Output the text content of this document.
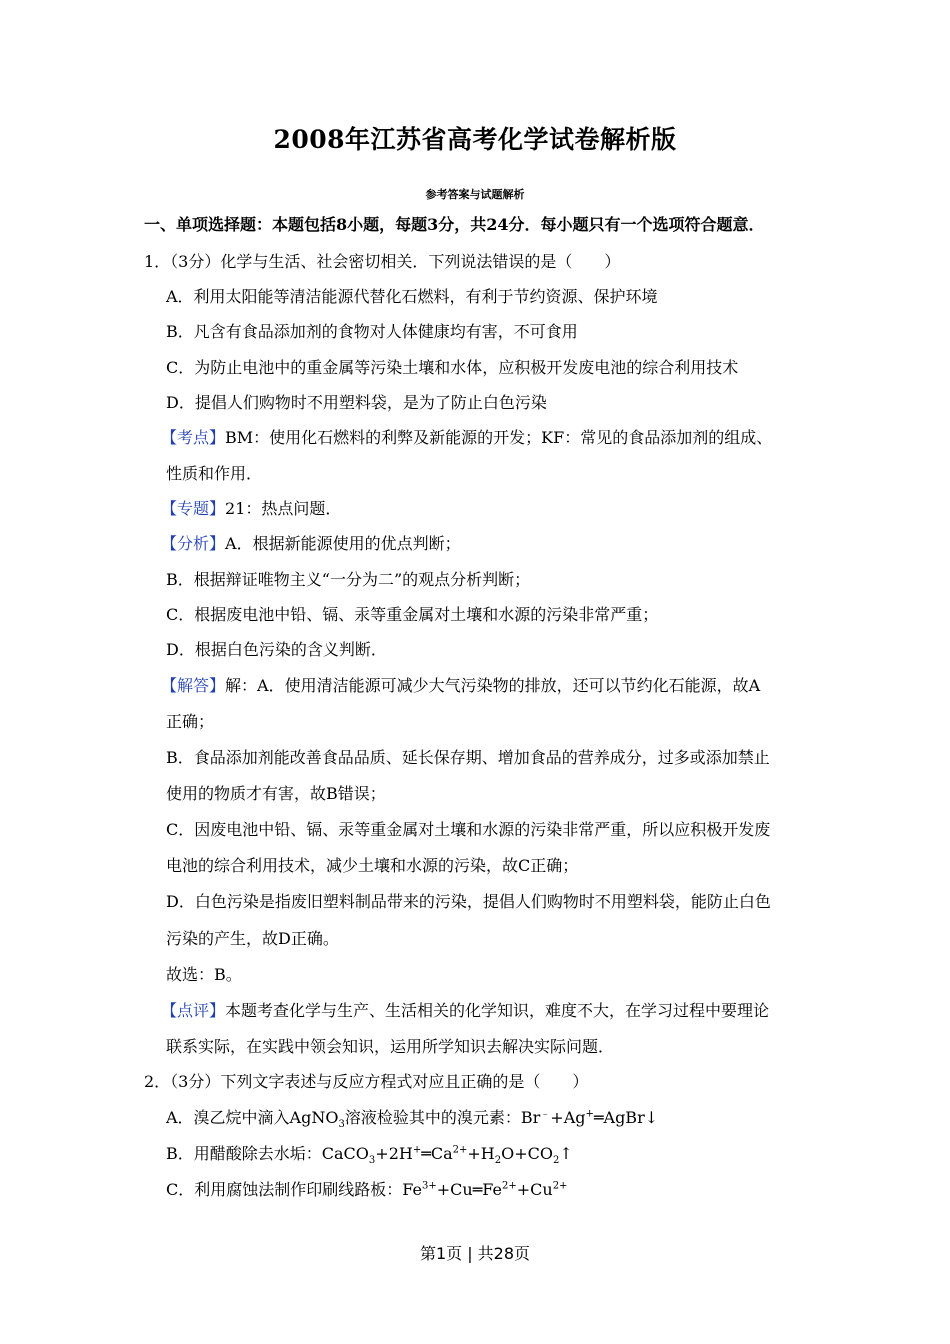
2008年江苏省高考化学试卷解析版
参考答案与试题解析
一、单项选择题：本题包括8小题，每题3分，共24分．每小题只有一个选项符合题意．
1．（3分）化学与生活、社会密切相关．下列说法错误的是（　　）
A．利用太阳能等清洁能源代替化石燃料，有利于节约资源、保护环境
B．凡含有食品添加剂的食物对人体健康均有害，不可食用
C．为防止电池中的重金属等污染土壤和水体，应积极开发废电池的综合利用技术
D．提倡人们购物时不用塑料袋，是为了防止白色污染
【考点】BM：使用化石燃料的利弊及新能源的开发；KF：常见的食品添加剂的组成、
性质和作用．
【专题】21：热点问题．
【分析】A．根据新能源使用的优点判断；
B．根据辩证唯物主义“一分为二”的观点分析判断；
C．根据废电池中铅、镉、汞等重金属对土壤和水源的污染非常严重；
D．根据白色污染的含义判断．
【解答】解：A．使用清洁能源可减少大气污染物的排放，还可以节约化石能源，故A
正确；
B．食品添加剂能改善食品品质、延长保存期、增加食品的营养成分，过多或添加禁止
使用的物质才有害，故B错误；
C．因废电池中铅、镉、汞等重金属对土壤和水源的污染非常严重，所以应积极开发废
电池的综合利用技术，减少土壤和水源的污染，故C正确；
D．白色污染是指废旧塑料制品带来的污染，提倡人们购物时不用塑料袋，能防止白色
污染的产生，故D正确。
故选：B。
【点评】本题考查化学与生产、生活相关的化学知识，难度不大，在学习过程中要理论
联系实际，在实践中领会知识，运用所学知识去解决实际问题．
2．（3分）下列文字表述与反应方程式对应且正确的是（　　）
A．溴乙烷中滴入AgNO$_3$溶液检验其中的溴元素：Br﹣+Ag+═AgBr↓
B．用醋酸除去水垢：$CaCO_3+2H^+═Ca^{2+}+H_2O+CO_2↑$
C．利用腐蚀法制作印刷线路板：$Fe^{3+}+Cu═Fe^{2+}+Cu^{2+}$
第1页 | 共28页
